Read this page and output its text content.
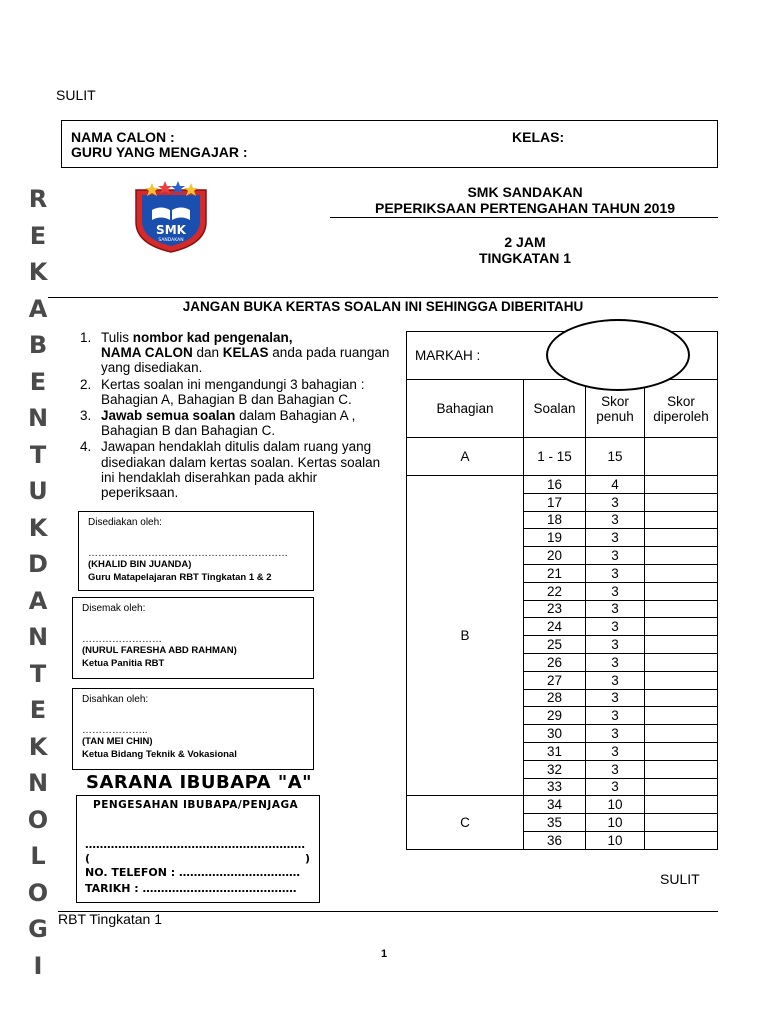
SULIT
NAMA CALON :
GURU YANG MENGAJAR :
KELAS:
R
E
K
A
B
E
N
T
U
K
D
A
N
T
E
K
N
O
L
O
G
I
SMK
SANDAKAN
SMK SANDAKAN
PEPERIKSAAN PERTENGAHAN TAHUN 2019
2 JAM
TINGKATAN 1
JANGAN BUKA KERTAS SOALAN INI SEHINGGA DIBERITAHU
1. Tulis nombor kad pengenalan,
NAMA CALON dan KELAS anda pada ruangan yang disediakan.
2. Kertas soalan ini mengandungi 3 bahagian : Bahagian A, Bahagian B dan Bahagian C.
3. Jawab semua soalan dalam Bahagian A , Bahagian B dan Bahagian C.
4. Jawapan hendaklah ditulis dalam ruang yang disediakan dalam kertas soalan. Kertas soalan ini hendaklah diserahkan pada akhir peperiksaan.
MARKAH :			
Bahagian	Soalan	Skor penuh	Skor diperoleh
A	1 - 15	15	
B	16	4	
	17	3	
	18	3	
	19	3	
	20	3	
	21	3	
	22	3	
	23	3	
	24	3	
	25	3	
	26	3	
	27	3	
	28	3	
	29	3	
	30	3	
	31	3	
	32	3	
	33	3	
C	34	10	
	35	10	
	36	10	
Disediakan oleh:
……………………………………………………
(KHALID BIN JUANDA)
Guru Matapelajaran RBT Tingkatan 1 & 2
Disemak oleh:
……………………
(NURUL FARESHA ABD RAHMAN)
Ketua Panitia RBT
Disahkan oleh:
………………..
(TAN MEI CHIN)
Ketua Bidang Teknik & Vokasional
SARANA IBUBAPA "A"
PENGESAHAN IBUBAPA/PENJAGA
……………………………………………………
(	)
NO. TELEFON : ……………………………
TARIKH : ……………………………………
SULIT
RBT Tingkatan 1
1
